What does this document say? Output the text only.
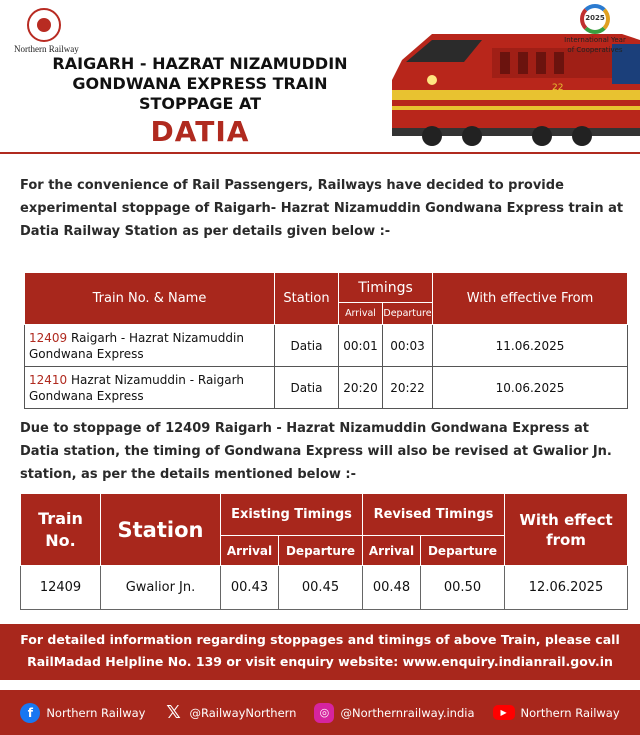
Northern Railway
RAIGARH - HAZRAT NIZAMUDDIN
GONDWANA EXPRESS TRAIN
STOPPAGE AT
DATIA
22
2025
International Year
of Cooperatives

For the convenience of Rail Passengers, Railways have decided to provide experimental stoppage of Raigarh- Hazrat Nizamuddin Gondwana Express train at Datia Railway Station as per details given below :-

Train No. & Name	Station	Timings		With effective From
		Arrival	Departure	
12409 Raigarh - Hazrat Nizamuddin
Gondwana Express	Datia	00:01	00:03	11.06.2025
12410 Hazrat Nizamuddin - Raigarh
Gondwana Express	Datia	20:20	20:22	10.06.2025

Due to stoppage of 12409 Raigarh - Hazrat Nizamuddin Gondwana Express at Datia station, the timing of Gondwana Express will also be revised at Gwalior Jn. station, as per the details mentioned below :-

Train No.	Station	Existing Timings		Revised Timings		With effect from
		Arrival	Departure	Arrival	Departure	
12409	Gwalior Jn.	00.43	00.45	00.48	00.50	12.06.2025
For detailed information regarding stoppages and timings of above Train, please call
RailMadad Helpline No. 139 or visit enquiry website: www.enquiry.indianrail.gov.in
f	Northern Railway 𝕏 @RailwayNorthern	◎ @Northernrailway.india	▶	Northern Railway
